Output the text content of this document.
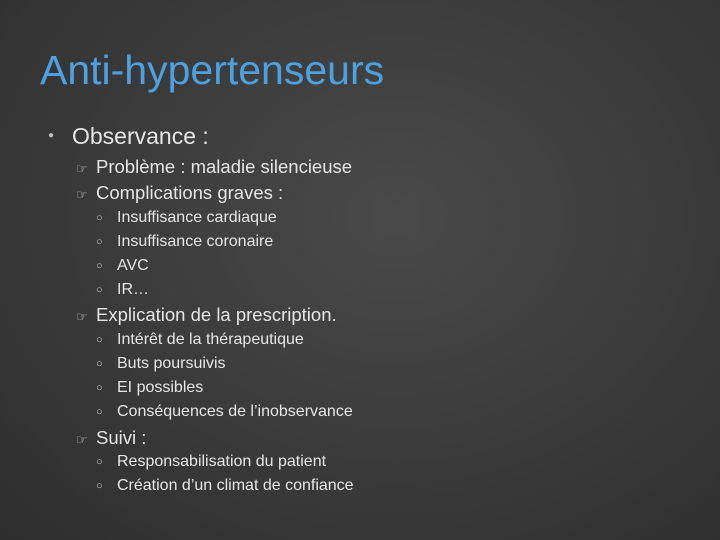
Anti-hypertenseurs
● Observance :
☞ Problème : maladie silencieuse
☞ Complications graves :
○ Insuffisance cardiaque
○ Insuffisance coronaire
○ AVC
○ IR…
☞ Explication de la prescription.
○ Intérêt de la thérapeutique
○ Buts poursuivis
○ EI possibles
○ Conséquences de l’inobservance
☞ Suivi :
○ Responsabilisation du patient
○ Création d’un climat de confiance
